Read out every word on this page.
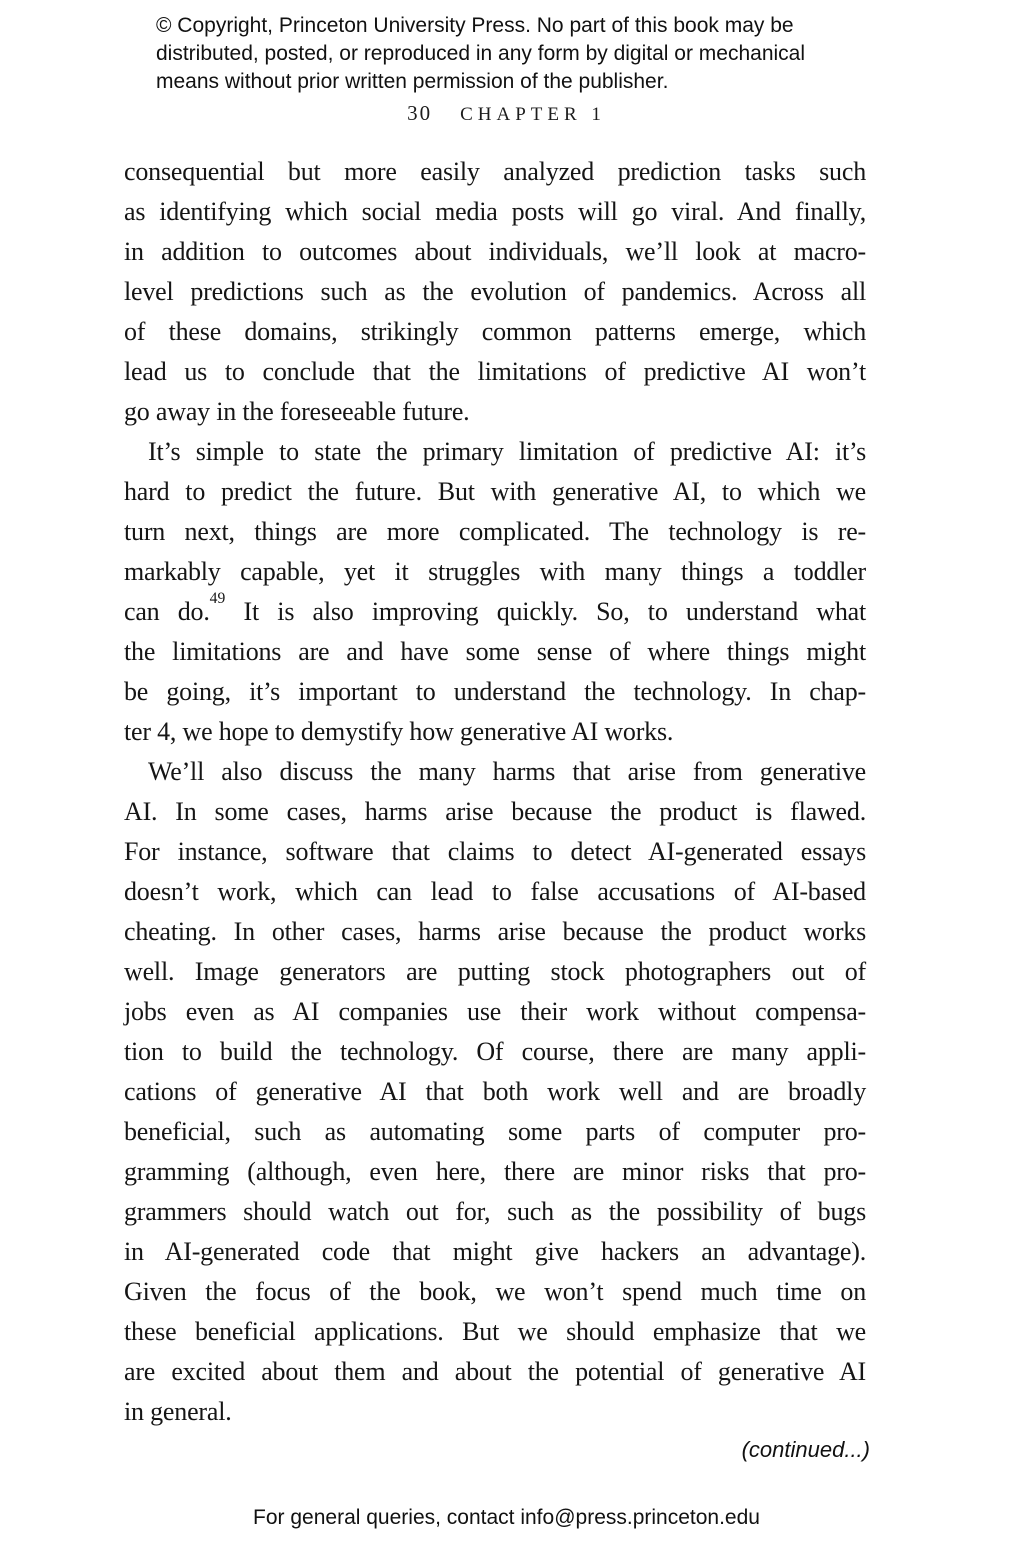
© Copyright, Princeton University Press. No part of this book may be
distributed, posted, or reproduced in any form by digital or mechanical
means without prior written permission of the publisher.
30 CHAPTER 1
consequential but more easily analyzed prediction tasks such
as identifying which social media posts will go viral. And finally,
in addition to outcomes about individuals, we’ll look at macro-
level predictions such as the evolution of pandemics. Across all
of these domains, strikingly common patterns emerge, which
lead us to conclude that the limitations of predictive AI won’t
go away in the foreseeable future.
It’s simple to state the primary limitation of predictive AI: it’s
hard to predict the future. But with generative AI, to which we
turn next, things are more complicated. The technology is re-
markably capable, yet it struggles with many things a toddler
can do.$^{49}$ It is also improving quickly. So, to understand what
the limitations are and have some sense of where things might
be going, it’s important to understand the technology. In chap-
ter 4, we hope to demystify how generative AI works.
We’ll also discuss the many harms that arise from generative
AI. In some cases, harms arise because the product is flawed.
For instance, software that claims to detect AI-generated essays
doesn’t work, which can lead to false accusations of AI-based
cheating. In other cases, harms arise because the product works
well. Image generators are putting stock photographers out of
jobs even as AI companies use their work without compensa-
tion to build the technology. Of course, there are many appli-
cations of generative AI that both work well and are broadly
beneficial, such as automating some parts of computer pro-
gramming (although, even here, there are minor risks that pro-
grammers should watch out for, such as the possibility of bugs
in AI-generated code that might give hackers an advantage).
Given the focus of the book, we won’t spend much time on
these beneficial applications. But we should emphasize that we
are excited about them and about the potential of generative AI
in general.
(continued...)
For general queries, contact info@press.princeton.edu
